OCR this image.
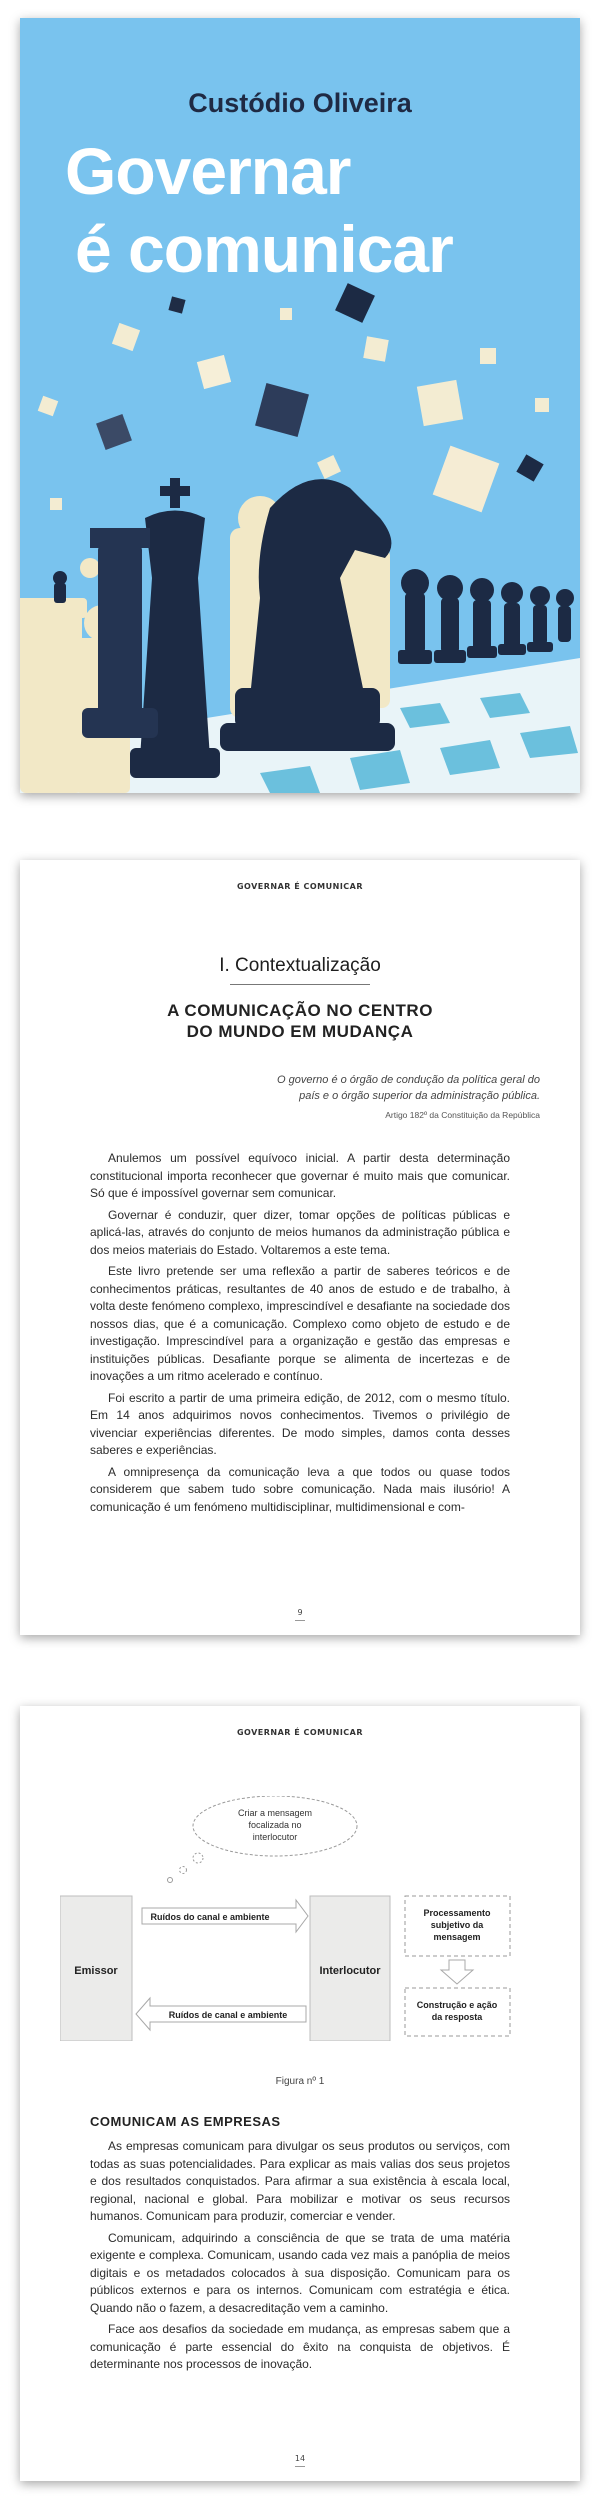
Custódio Oliveira
Governar
é comunicar
GOVERNAR É COMUNICAR
I. Contextualização
A COMUNICAÇÃO NO CENTRO
DO MUNDO EM MUDANÇA
O governo é o órgão de condução da política geral do
país e o órgão superior da administração pública.
Artigo 182º da Constituição da República

Anulemos um possível equívoco inicial. A partir desta determinação constitucional importa reconhecer que governar é muito mais que comunicar. Só que é impossível governar sem comunicar.

Governar é conduzir, quer dizer, tomar opções de políticas públicas e aplicá-las, através do conjunto de meios humanos da administração pública e dos meios materiais do Estado. Voltaremos a este tema.

Este livro pretende ser uma reflexão a partir de saberes teóricos e de conhecimentos práticas, resultantes de 40 anos de estudo e de trabalho, à volta deste fenómeno complexo, imprescindível e desafiante na sociedade dos nossos dias, que é a comunicação. Complexo como objeto de estudo e de investigação. Imprescindível para a organização e gestão das empresas e instituições públicas. Desafiante porque se alimenta de incertezas e de inovações a um ritmo acelerado e contínuo.

Foi escrito a partir de uma primeira edição, de 2012, com o mesmo título. Em 14 anos adquirimos novos conhecimentos. Tivemos o privilégio de vivenciar experiências diferentes. De modo simples, damos conta desses saberes e experiências.

A omnipresença da comunicação leva a que todos ou quase todos considerem que sabem tudo sobre comunicação. Nada mais ilusório! A comunicação é um fenómeno multidisciplinar, multidimensional e com-

9
GOVERNAR É COMUNICAR
Criar a mensagem
focalizada no
interlocutor
Emissor	Interlocutor
Ruídos do canal e ambiente
Ruídos de canal e ambiente
Processamento
subjetivo da
mensagem
Construção e ação
da resposta
Figura nº 1
COMUNICAM AS EMPRESAS

As empresas comunicam para divulgar os seus produtos ou serviços, com todas as suas potencialidades. Para explicar as mais valias dos seus projetos e dos resultados conquistados. Para afirmar a sua existência à escala local, regional, nacional e global. Para mobilizar e motivar os seus recursos humanos. Comunicam para produzir, comerciar e vender.

Comunicam, adquirindo a consciência de que se trata de uma matéria exigente e complexa. Comunicam, usando cada vez mais a panóplia de meios digitais e os metadados colocados à sua disposição. Comunicam para os públicos externos e para os internos. Comunicam com estratégia e ética. Quando não o fazem, a desacreditação vem a caminho.

Face aos desafios da sociedade em mudança, as empresas sabem que a comunicação é parte essencial do êxito na conquista de objetivos. É determinante nos processos de inovação.

14
